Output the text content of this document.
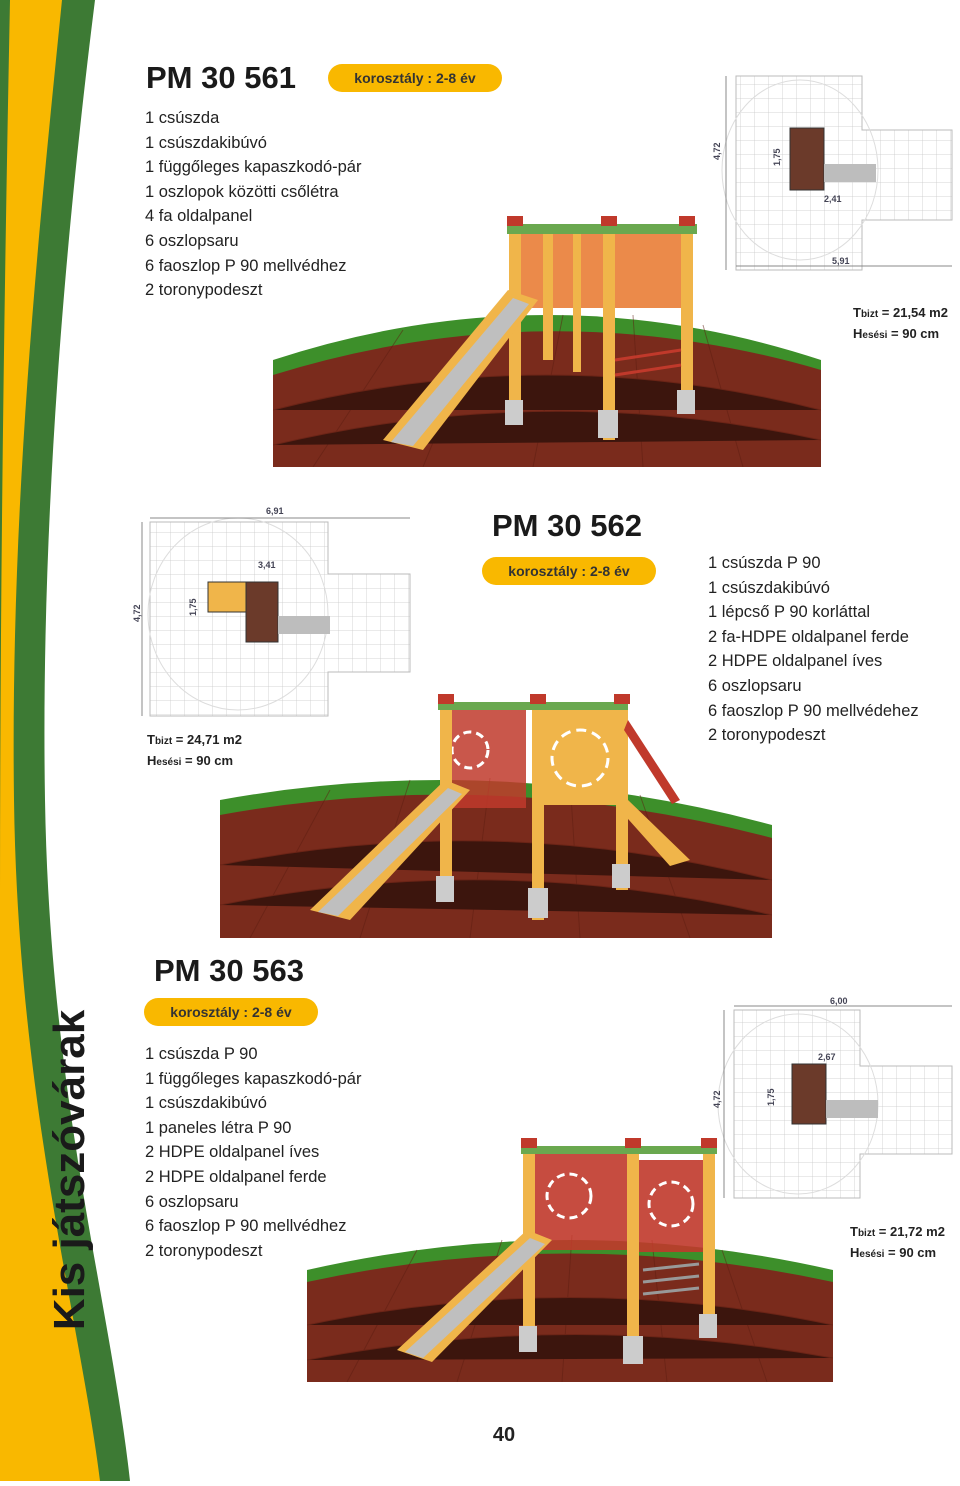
Kis játszóvárak
PM 30 561	korosztály : 2-8 év
1 csúszda
1 csúszdakibúvó
1 függőleges kapaszkodó-pár
1 oszlopok közötti csőlétra
4 fa oldalpanel
6 oszlopsaru
6 faoszlop P 90 mellvédhez
2 toronypodeszt
4,72	1,75
2,41
5,91
Tbizt = 21,54 m2
Hesési = 90 cm
4,72	1,75
3,41
6,91
Tbizt = 24,71 m2
Hesési = 90 cm
PM 30 562
korosztály : 2-8 év	1 csúszda P 90
1 csúszdakibúvó
1 lépcső P 90 korláttal
2 fa-HDPE oldalpanel ferde
2 HDPE oldalpanel íves
6 oszlopsaru
6 faoszlop P 90 mellvédehez
2 toronypodeszt
PM 30 563
korosztály : 2-8 év
1 csúszda P 90
1 függőleges kapaszkodó-pár
1 csúszdakibúvó
1 paneles létra P 90
2 HDPE oldalpanel íves
2 HDPE oldalpanel ferde
6 oszlopsaru
6 faoszlop P 90 mellvédhez
2 toronypodeszt
4,72	1,75
2,67
6,00
Tbizt = 21,72 m2
Hesési = 90 cm
40
